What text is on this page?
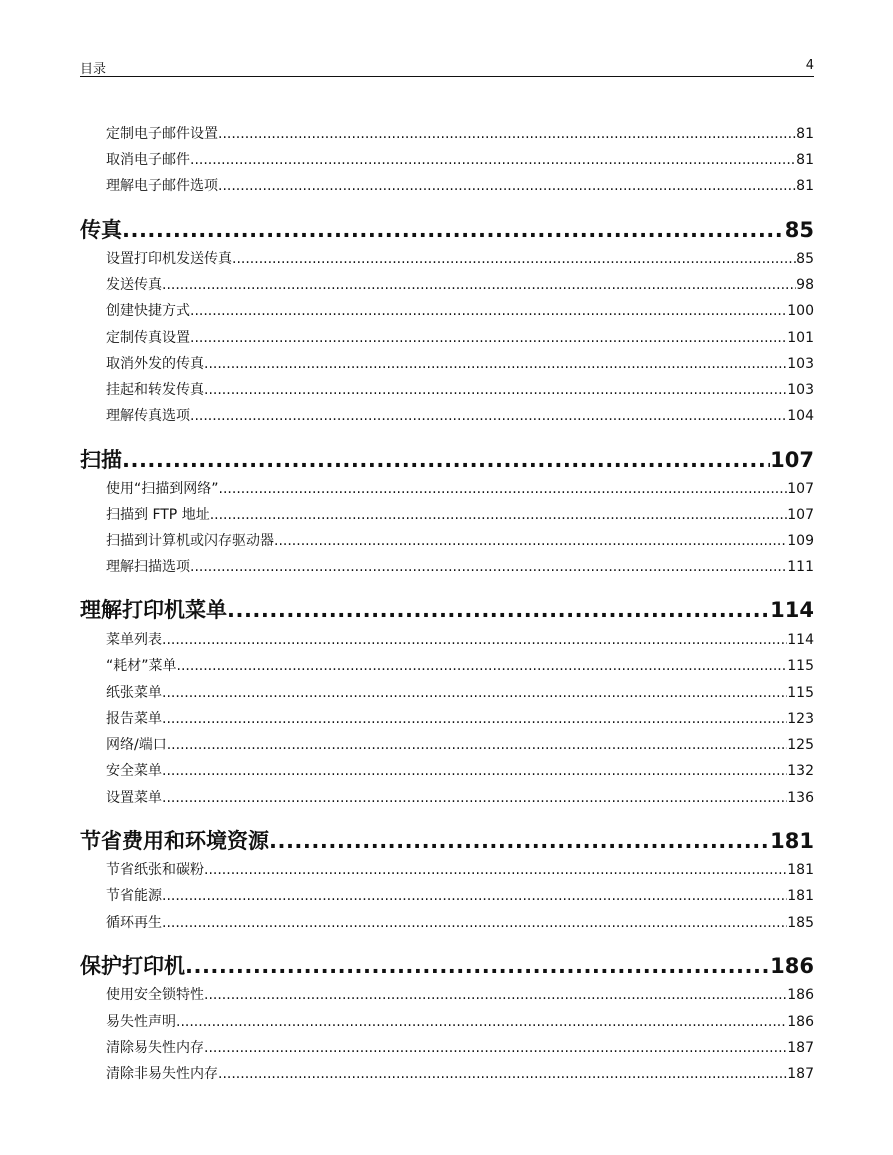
目录	4
定制电子邮件设置 .....	81
取消电子邮件 .....	81
理解电子邮件选项 .....	81
传真 .....	85
设置打印机发送传真 .....	85
发送传真 .....	98
创建快捷方式 .....	100
定制传真设置 .....	101
取消外发的传真 .....	103
挂起和转发传真 .....	103
理解传真选项 .....	104
扫描 .....	107
使用“扫描到网络” .....	107
扫描到 FTP 地址 .....	107
扫描到计算机或闪存驱动器 .....	109
理解扫描选项 .....	111
理解打印机菜单 .....	114
菜单列表 .....	114
“耗材”菜单 .....	115
纸张菜单 .....	115
报告菜单 .....	123
网络/端口 .....	125
安全菜单 .....	132
设置菜单 .....	136
节省费用和环境资源 .....	181
节省纸张和碳粉 .....	181
节省能源 .....	181
循环再生 .....	185
保护打印机 .....	186
使用安全锁特性 .....	186
易失性声明 .....	186
清除易失性内存 .....	187
清除非易失性内存 .....	187
